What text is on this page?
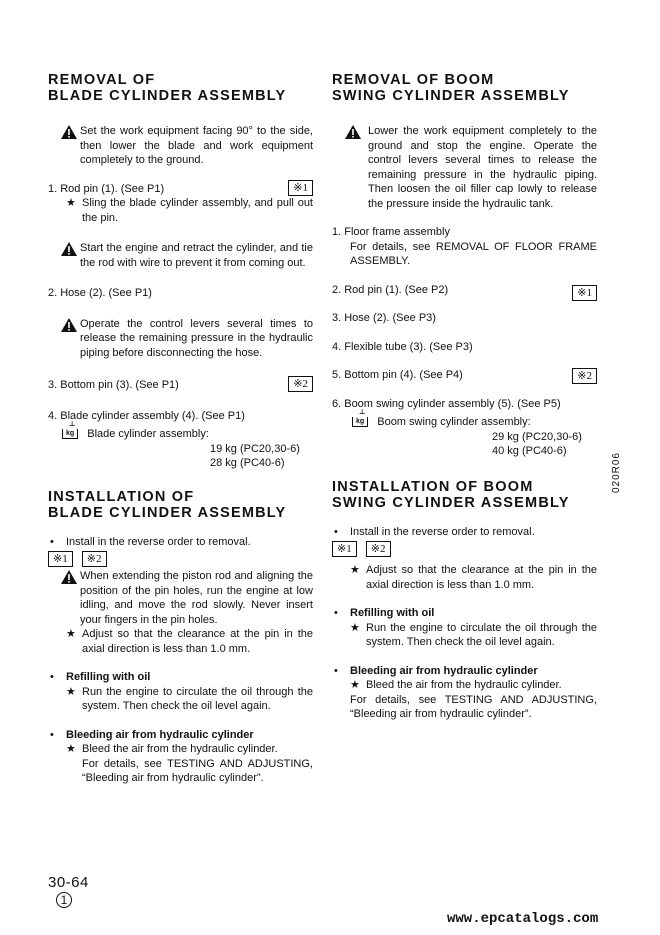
REMOVAL OF
BLADE CYLINDER ASSEMBLY
Set the work equipment facing 90° to the side, then lower the blade and work equipment completely to the ground.
1. Rod pin (1). (See P1)	※1
★ Sling the blade cylinder assembly, and pull out the pin.
Start the engine and retract the cylinder, and tie the rod with wire to prevent it from coming out.
2. Hose (2). (See P1)
Operate the control levers several times to release the remaining pressure in the hydraulic piping before disconnecting the hose.
3. Bottom pin (3). (See P1)	※2
4. Blade cylinder assembly (4). (See P1)
⊥ kg Blade cylinder assembly:
19 kg (PC20,30-6)
28 kg (PC40-6)
INSTALLATION OF
BLADE CYLINDER ASSEMBLY
• Install in the reverse order to removal.
※1 ※2
When extending the piston rod and aligning the position of the pin holes, run the engine at low idling, and move the rod slowly. Never insert your fingers in the pin holes.
★ Adjust so that the clearance at the pin in the axial direction is less than 1.0 mm.
• Refilling with oil
★ Run the engine to circulate the oil through the system. Then check the oil level again.
• Bleeding air from hydraulic cylinder
★ Bleed the air from the hydraulic cylinder.
For details, see TESTING AND ADJUSTING, “Bleeding air from hydraulic cylinder”.
REMOVAL OF BOOM
SWING CYLINDER ASSEMBLY
Lower the work equipment completely to the ground and stop the engine. Operate the control levers several times to release the remaining pressure in the hydraulic piping. Then loosen the oil filler cap lowly to release the pressure inside the hydraulic tank.
1. Floor frame assembly
For details, see REMOVAL OF FLOOR FRAME ASSEMBLY.
2. Rod pin (1). (See P2)	※1
3. Hose (2). (See P3)
4. Flexible tube (3). (See P3)
5. Bottom pin (4). (See P4)	※2
6. Boom swing cylinder assembly (5). (See P5)
⊥ kg Boom swing cylinder assembly:
29 kg (PC20,30-6)
40 kg (PC40-6)
INSTALLATION OF BOOM
SWING CYLINDER ASSEMBLY
• Install in the reverse order to removal.
※1 ※2
★ Adjust so that the clearance at the pin in the axial direction is less than 1.0 mm.
• Refilling with oil
★ Run the engine to circulate the oil through the system. Then check the oil level again.
• Bleeding air from hydraulic cylinder
★ Bleed the air from the hydraulic cylinder.
For details, see TESTING AND ADJUSTING, “Bleeding air from hydraulic cylinder”.
020R06
30-64
1
www.epcatalogs.com
